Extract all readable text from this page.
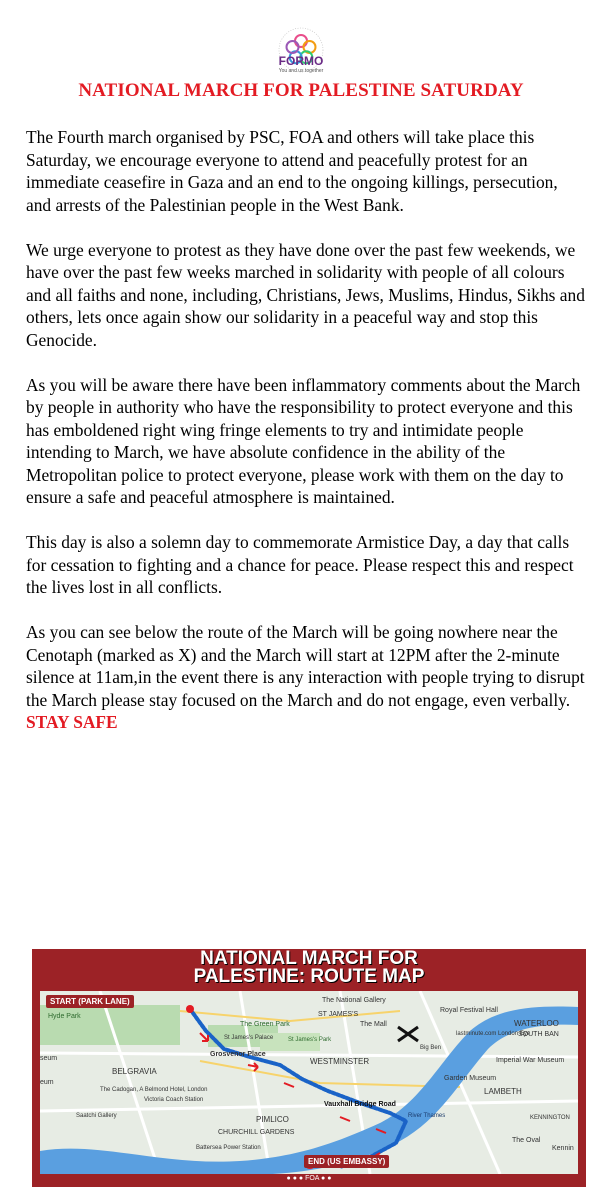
FORMO
You and us together
NATIONAL MARCH FOR PALESTINE SATURDAY

The Fourth march organised by PSC, FOA and others will take place this Saturday, we encourage everyone to attend and peacefully protest for an immediate ceasefire in Gaza and an end to the ongoing killings, persecution, and arrests of the Palestinian people in the West Bank.

We urge everyone to protest as they have done over the past few weekends, we have over the past few weeks marched in solidarity with people of all colours and all faiths and none, including, Christians, Jews, Muslims, Hindus, Sikhs and others, lets once again show our solidarity in a peaceful way and stop this Genocide.

As you will be aware there have been inflammatory comments about the March by people in authority who have the responsibility to protect everyone and this has emboldened right wing fringe elements to try and intimidate people intending to March, we have absolute confidence in the ability of the Metropolitan police to protect everyone, please work with them on the day to ensure a safe and peaceful atmosphere is maintained.

This day is also a solemn day to commemorate Armistice Day, a day that calls for cessation to fighting and a chance for peace. Please respect this and respect the lives lost in all conflicts.

As you can see below the route of the March will be going nowhere near the Cenotaph (marked as X) and the March will start at 12PM after the 2-minute silence at 11am,in the event there is any interaction with people trying to disrupt the March please stay focused on the March and do not engage, even verbally. STAY SAFE

NATIONAL MARCH FOR
PALESTINE: ROUTE MAP
START (PARK LANE)
END (US EMBASSY)
Hyde Park
The National Gallery
ST JAMES'S
Royal Festival Hall
WATERLOO
SOUTH BAN
The Mall
The Green Park
St James's Palace St James's Park
lastminute.com London Eye
Big Ben
Grosvenor Place
BELGRAVIA
WESTMINSTER	Imperial War Museum
The Cadogan, A Belmond Hotel, London
Garden Museum
LAMBETH
Victoria Coach Station
Vauxhall Bridge Road
Saatchi Gallery	PIMLICO	KENNINGTON
CHURCHILL GARDENS
River Thames
The Oval
Battersea Power Station
seum
eum
Kennin
● ● ● FOA ● ●
